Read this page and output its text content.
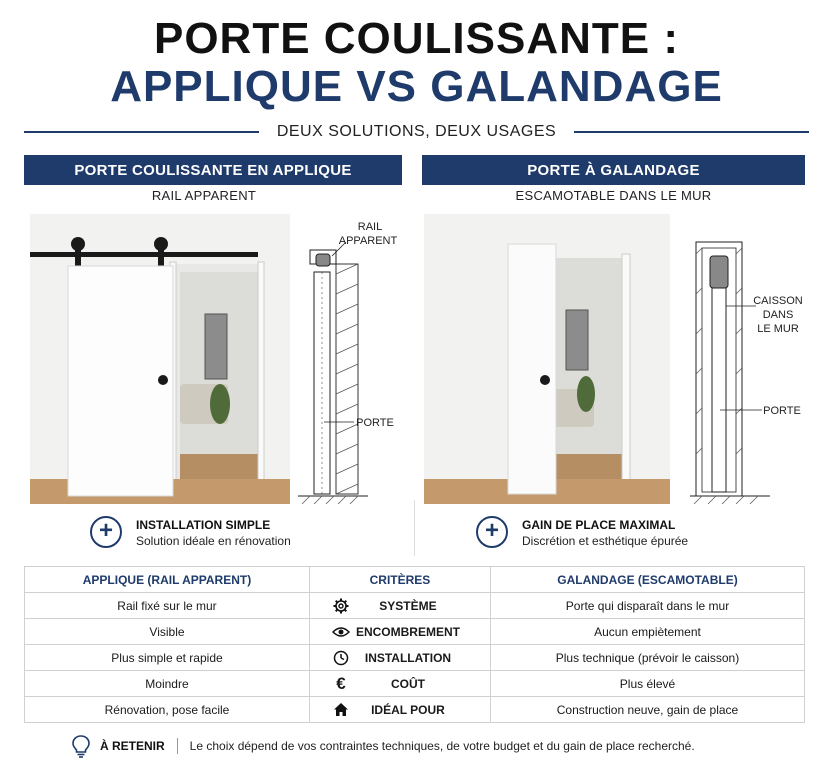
PORTE COULISSANTE :
APPLIQUE VS GALANDAGE
DEUX SOLUTIONS, DEUX USAGES
PORTE COULISSANTE EN APPLIQUE
RAIL APPARENT
RAIL
APPARENT
PORTE
PORTE À GALANDAGE
ESCAMOTABLE DANS LE MUR
CAISSON
DANS
LE MUR
PORTE
+	INSTALLATION SIMPLE
Solution idéale en rénovation	+	GAIN DE PLACE MAXIMAL
Discrétion et esthétique épurée
APPLIQUE (RAIL APPARENT)	CRITÈRES	GALANDAGE (ESCAMOTABLE)
Rail fixé sur le mur	SYSTÈME	Porte qui disparaît dans le mur
Visible	ENCOMBREMENT	Aucun empiètement
Plus simple et rapide	INSTALLATION	Plus technique (prévoir le caisson)
Moindre	€ COÛT	Plus élevé
Rénovation, pose facile	IDÉAL POUR	Construction neuve, gain de place
À RETENIR Le choix dépend de vos contraintes techniques, de votre budget et du gain de place recherché.
